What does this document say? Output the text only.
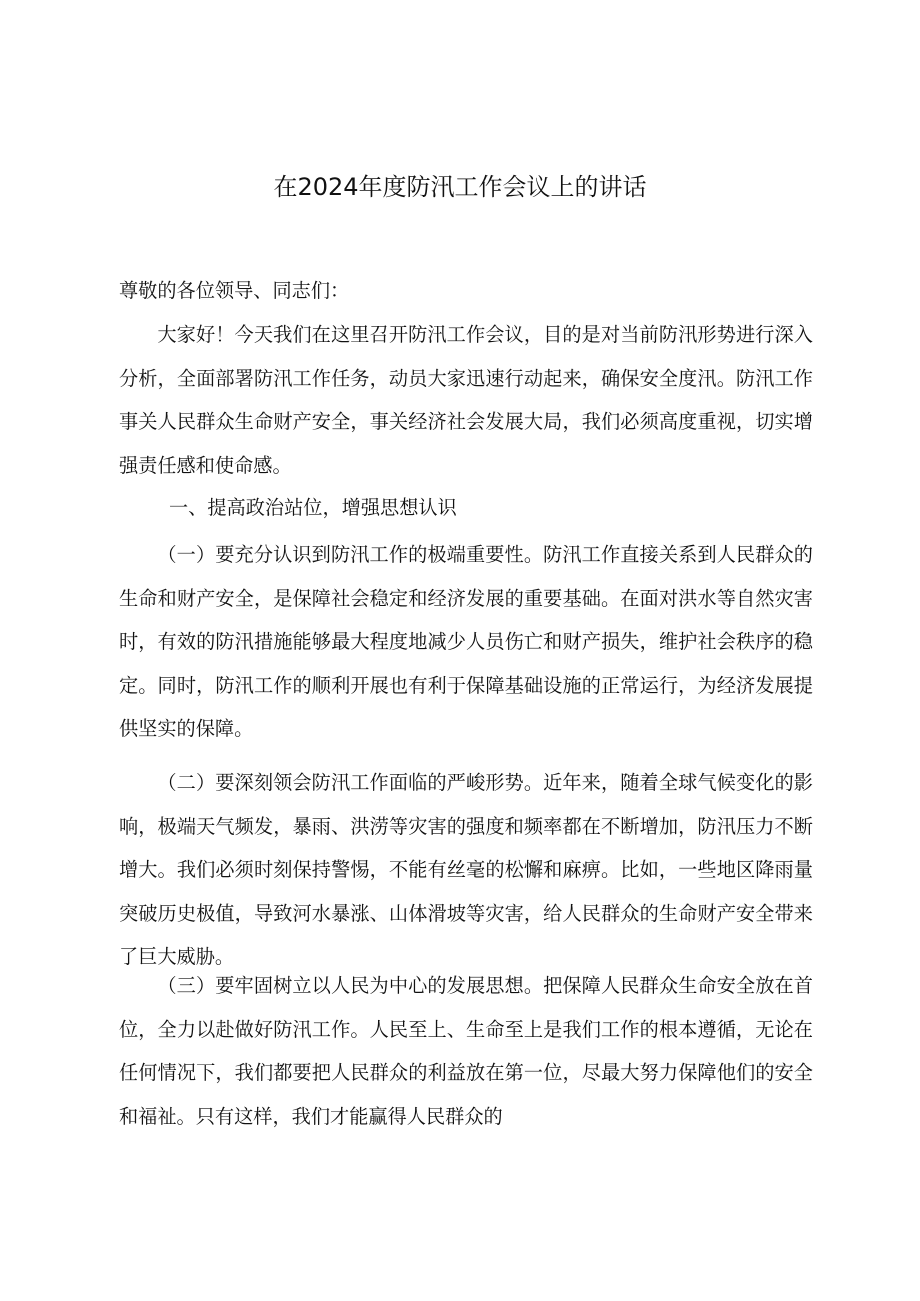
在2024年度防汛工作会议上的讲话
尊敬的各位领导、同志们：
大家好！今天我们在这里召开防汛工作会议，目的是对当前防汛形势进行深入分析，全面部署防汛工作任务，动员大家迅速行动起来，确保安全度汛。防汛工作事关人民群众生命财产安全，事关经济社会发展大局，我们必须高度重视，切实增强责任感和使命感。
一、提高政治站位，增强思想认识
（一）要充分认识到防汛工作的极端重要性。防汛工作直接关系到人民群众的生命和财产安全，是保障社会稳定和经济发展的重要基础。在面对洪水等自然灾害时，有效的防汛措施能够最大程度地减少人员伤亡和财产损失，维护社会秩序的稳定。同时，防汛工作的顺利开展也有利于保障基础设施的正常运行，为经济发展提供坚实的保障。
（二）要深刻领会防汛工作面临的严峻形势。近年来，随着全球气候变化的影响，极端天气频发，暴雨、洪涝等灾害的强度和频率都在不断增加，防汛压力不断增大。我们必须时刻保持警惕，不能有丝毫的松懈和麻痹。比如，一些地区降雨量突破历史极值，导致河水暴涨、山体滑坡等灾害，给人民群众的生命财产安全带来了巨大威胁。
（三）要牢固树立以人民为中心的发展思想。把保障人民群众生命安全放在首位，全力以赴做好防汛工作。人民至上、生命至上是我们工作的根本遵循，无论在任何情况下，我们都要把人民群众的利益放在第一位，尽最大努力保障他们的安全和福祉。只有这样，我们才能赢得人民群众的
